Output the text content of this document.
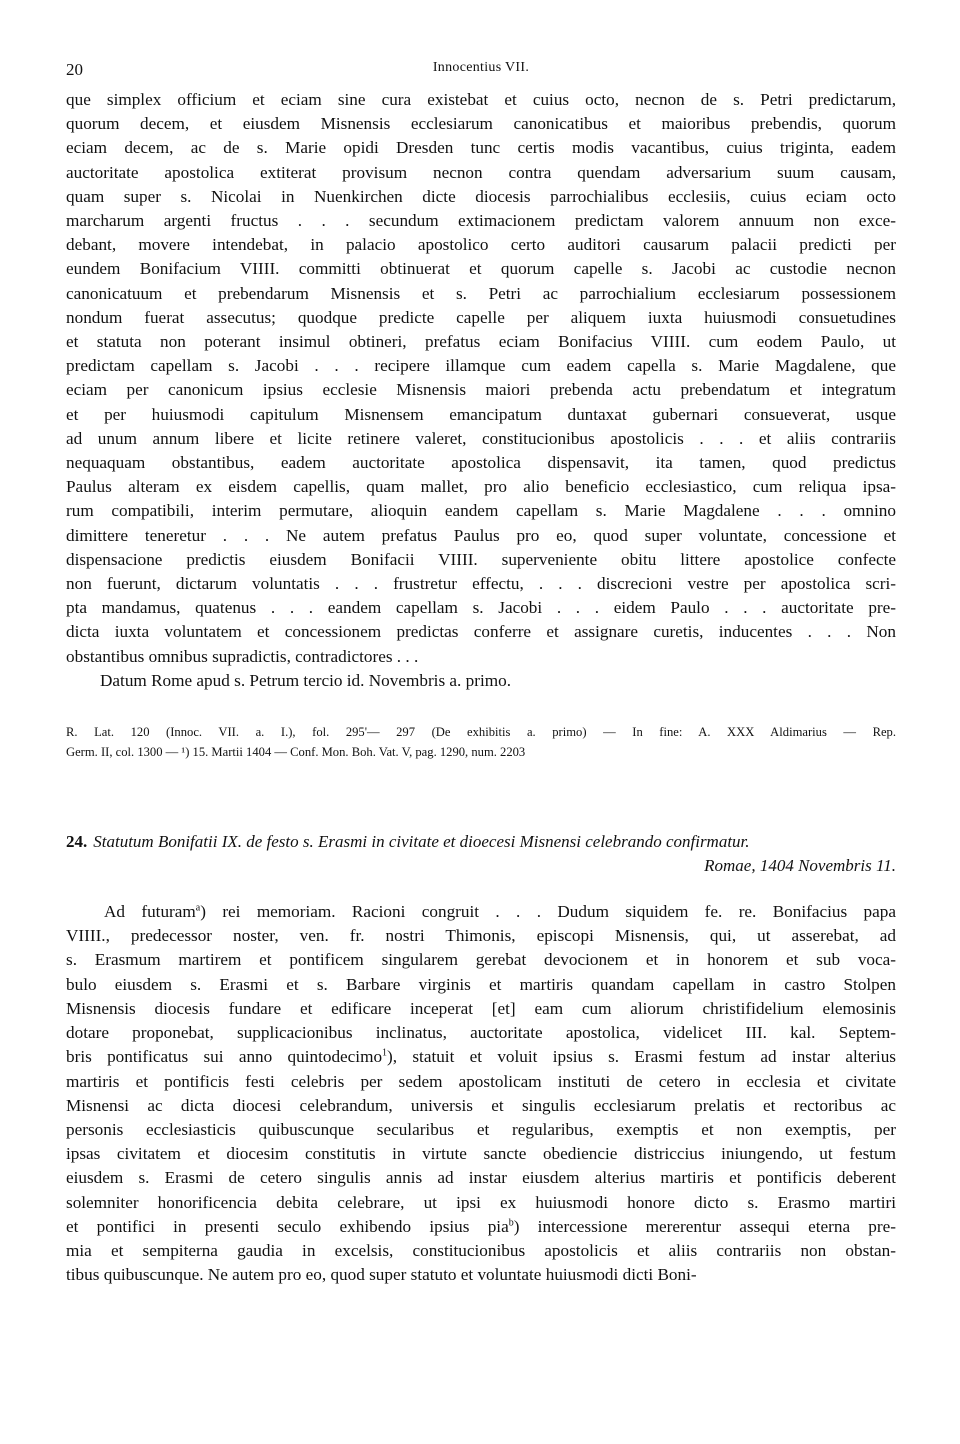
20	Innocentius VII.
que simplex officium et eciam sine cura existebat et cuius octo, necnon de s. Petri predictarum,
quorum decem, et eiusdem Misnensis ecclesiarum canonicatibus et maioribus prebendis, quorum
eciam decem, ac de s. Marie opidi Dresden tunc certis modis vacantibus, cuius triginta, eadem
auctoritate apostolica extiterat provisum necnon contra quendam adversarium suum causam,
quam super s. Nicolai in Nuenkirchen dicte diocesis parrochialibus ecclesiis, cuius eciam octo
marcharum argenti fructus . . . secundum extimacionem predictam valorem annuum non exce-
debant, movere intendebat, in palacio apostolico certo auditori causarum palacii predicti per
eundem Bonifacium VIIII. committi obtinuerat et quorum capelle s. Jacobi ac custodie necnon
canonicatuum et prebendarum Misnensis et s. Petri ac parrochialium ecclesiarum possessionem
nondum fuerat assecutus; quodque predicte capelle per aliquem iuxta huiusmodi consuetudines
et statuta non poterant insimul obtineri, prefatus eciam Bonifacius VIIII. cum eodem Paulo, ut
predictam capellam s. Jacobi . . . recipere illamque cum eadem capella s. Marie Magdalene, que
eciam per canonicum ipsius ecclesie Misnensis maiori prebenda actu prebendatum et integratum
et per huiusmodi capitulum Misnensem emancipatum duntaxat gubernari consueverat, usque
ad unum annum libere et licite retinere valeret, constitucionibus apostolicis . . . et aliis contrariis
nequaquam obstantibus, eadem auctoritate apostolica dispensavit, ita tamen, quod predictus
Paulus alteram ex eisdem capellis, quam mallet, pro alio beneficio ecclesiastico, cum reliqua ipsa-
rum compatibili, interim permutare, alioquin eandem capellam s. Marie Magdalene . . . omnino
dimittere teneretur . . . Ne autem prefatus Paulus pro eo, quod super voluntate, concessione et
dispensacione predictis eiusdem Bonifacii VIIII. superveniente obitu littere apostolice confecte
non fuerunt, dictarum voluntatis . . . frustretur effectu, . . . discrecioni vestre per apostolica scri-
pta mandamus, quatenus . . . eandem capellam s. Jacobi . . . eidem Paulo . . . auctoritate pre-
dicta iuxta voluntatem et concessionem predictas conferre et assignare curetis, inducentes . . . Non
obstantibus omnibus supradictis, contradictores . . .

Datum Rome apud s. Petrum tercio id. Novembris a. primo.

R. Lat. 120 (Innoc. VII. a. I.), fol. 295'— 297 (De exhibitis a. primo) — In fine: A. XXX Aldimarius — Rep.
Germ. II, col. 1300 — ¹) 15. Martii 1404 — Conf. Mon. Boh. Vat. V, pag. 1290, num. 2203
24. Statutum Bonifatii IX. de festo s. Erasmi in civitate et dioecesi Misnensi celebrando confirmatur.
Romae, 1404 Novembris 11.
Ad futuram$^a$) rei memoriam. Racioni congruit . . . Dudum siquidem fe. re. Bonifacius papa
VIIII., predecessor noster, ven. fr. nostri Thimonis, episcopi Misnensis, qui, ut asserebat, ad
s. Erasmum martirem et pontificem singularem gerebat devocionem et in honorem et sub voca-
bulo eiusdem s. Erasmi et s. Barbare virginis et martiris quandam capellam in castro Stolpen
Misnensis diocesis fundare et edificare inceperat [et] eam cum aliorum christifidelium elemosinis
dotare proponebat, supplicacionibus inclinatus, auctoritate apostolica, videlicet III. kal. Septem-
bris pontificatus sui anno quintodecimo$^1$), statuit et voluit ipsius s. Erasmi festum ad instar alterius
martiris et pontificis festi celebris per sedem apostolicam instituti de cetero in ecclesia et civitate
Misnensi ac dicta diocesi celebrandum, universis et singulis ecclesiarum prelatis et rectoribus ac
personis ecclesiasticis quibuscunque secularibus et regularibus, exemptis et non exemptis, per
ipsas civitatem et diocesim constitutis in virtute sancte obediencie districcius iniungendo, ut festum
eiusdem s. Erasmi de cetero singulis annis ad instar eiusdem alterius martiris et pontificis deberent
solemniter honorificencia debita celebrare, ut ipsi ex huiusmodi honore dicto s. Erasmo martiri
et pontifici in presenti seculo exhibendo ipsius pia$^b$) intercessione mererentur assequi eterna pre-
mia et sempiterna gaudia in excelsis, constitucionibus apostolicis et aliis contrariis non obstan-
tibus quibuscunque. Ne autem pro eo, quod super statuto et voluntate huiusmodi dicti Boni-
